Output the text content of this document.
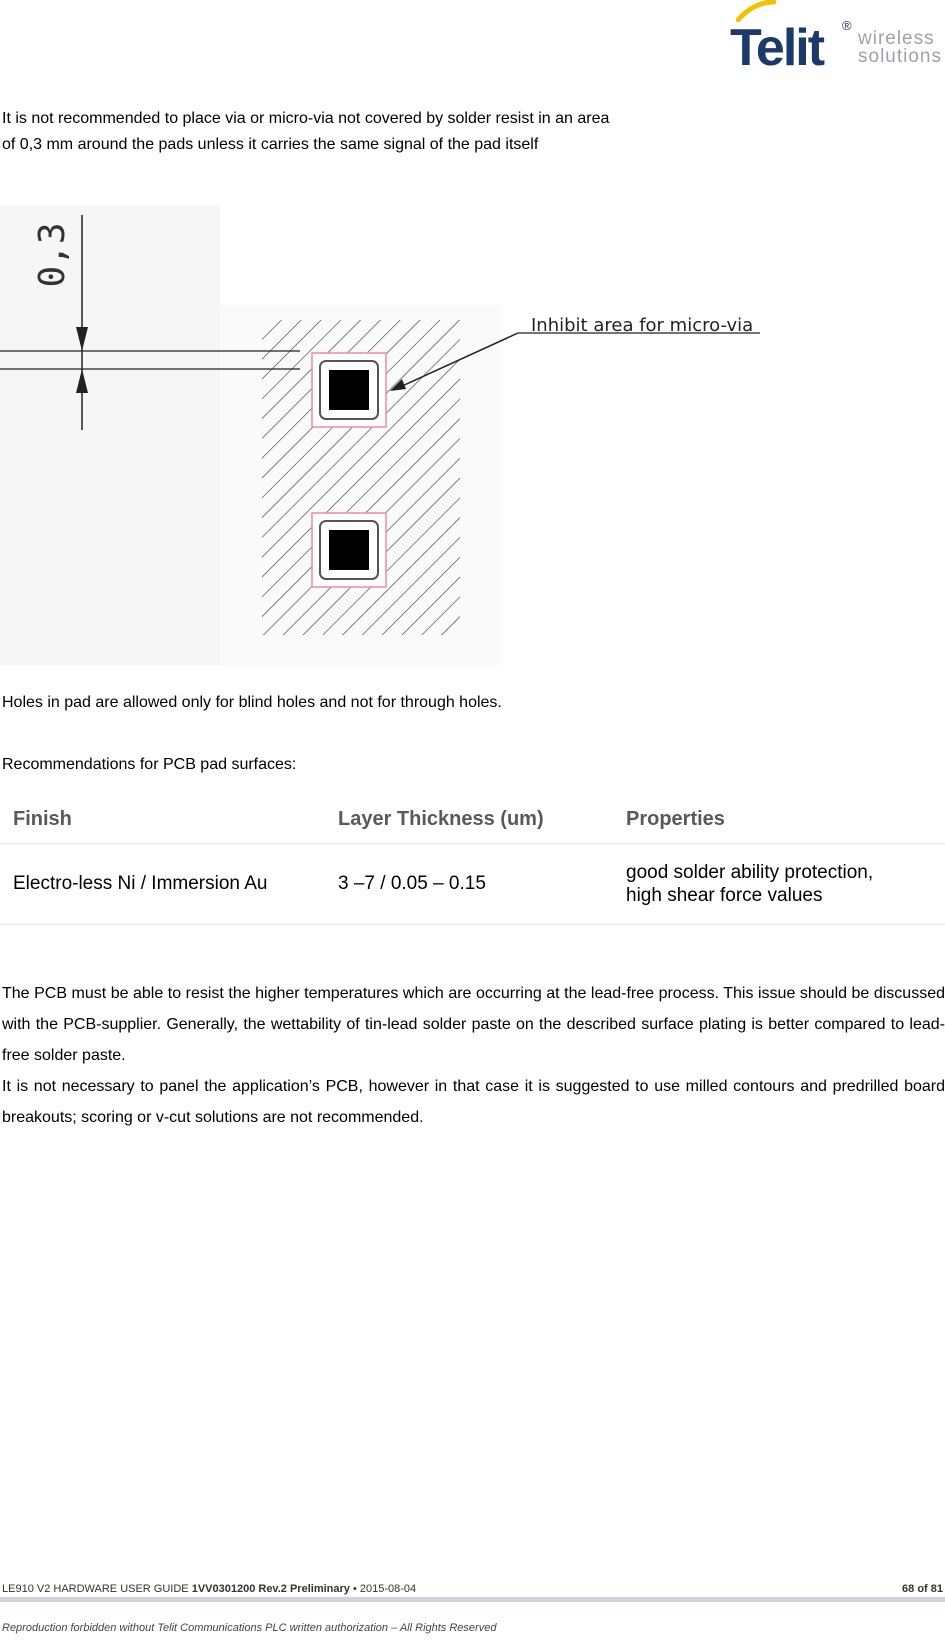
Telit ®
wireless
solutions
It is not recommended to place via or micro-via not covered by solder resist in an area
of 0,3 mm around the pads unless it carries the same signal of the pad itself
0,3
Inhibit area for micro-via
Holes in pad are allowed only for blind holes and not for through holes.
Recommendations for PCB pad surfaces:
Finish	Layer Thickness (um)	Properties
Electro-less Ni / Immersion Au	3 –7 / 0.05 – 0.15	good solder ability protection,
high shear force values
The PCB must be able to resist the higher temperatures which are occurring at the lead-free process. This issue should be discussed with the PCB-supplier. Generally, the wettability of tin-lead solder paste on the described surface plating is better compared to lead-free solder paste.
It is not necessary to panel the application’s PCB, however in that case it is suggested to use milled contours and predrilled board breakouts; scoring or v-cut solutions are not recommended.
LE910 V2 HARDWARE USER GUIDE 1VV0301200 Rev.2 Preliminary • 2015-08-04	68 of 81
Reproduction forbidden without Telit Communications PLC written authorization – All Rights Reserved
